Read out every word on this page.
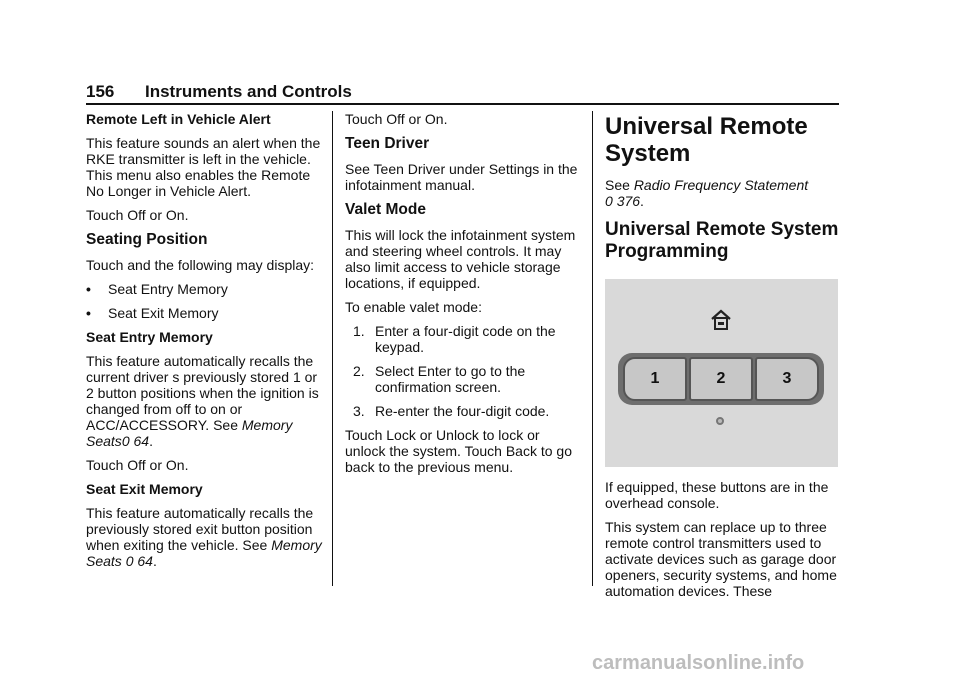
156 Instruments and Controls

Remote Left in Vehicle Alert

This feature sounds an alert when the RKE transmitter is left in the vehicle. This menu also enables the Remote No Longer in Vehicle Alert.

Touch Off or On.

Seating Position

Touch and the following may display:

•	Seat Entry Memory
•	Seat Exit Memory

Seat Entry Memory

This feature automatically recalls the current driver s previously stored 1 or 2 button positions when the ignition is changed from off to on or ACC/ACCESSORY. See Memory Seats0 64.

Touch Off or On.

Seat Exit Memory

This feature automatically recalls the previously stored exit button position when exiting the vehicle. See Memory Seats 0 64.

Touch Off or On.

Teen Driver

See Teen Driver under Settings in the infotainment manual.

Valet Mode

This will lock the infotainment system and steering wheel controls. It may also limit access to vehicle storage locations, if equipped.

To enable valet mode:

1. Enter a four-digit code on the keypad.
2. Select Enter to go to the confirmation screen.
3. Re-enter the four-digit code.

Touch Lock or Unlock to lock or unlock the system. Touch Back to go back to the previous menu.

Universal Remote System

See Radio Frequency Statement
0 376.

Universal Remote System Programming
1	2	3

If equipped, these buttons are in the overhead console.

This system can replace up to three remote control transmitters used to activate devices such as garage door openers, security systems, and home automation devices. These

carmanualsonline.info
